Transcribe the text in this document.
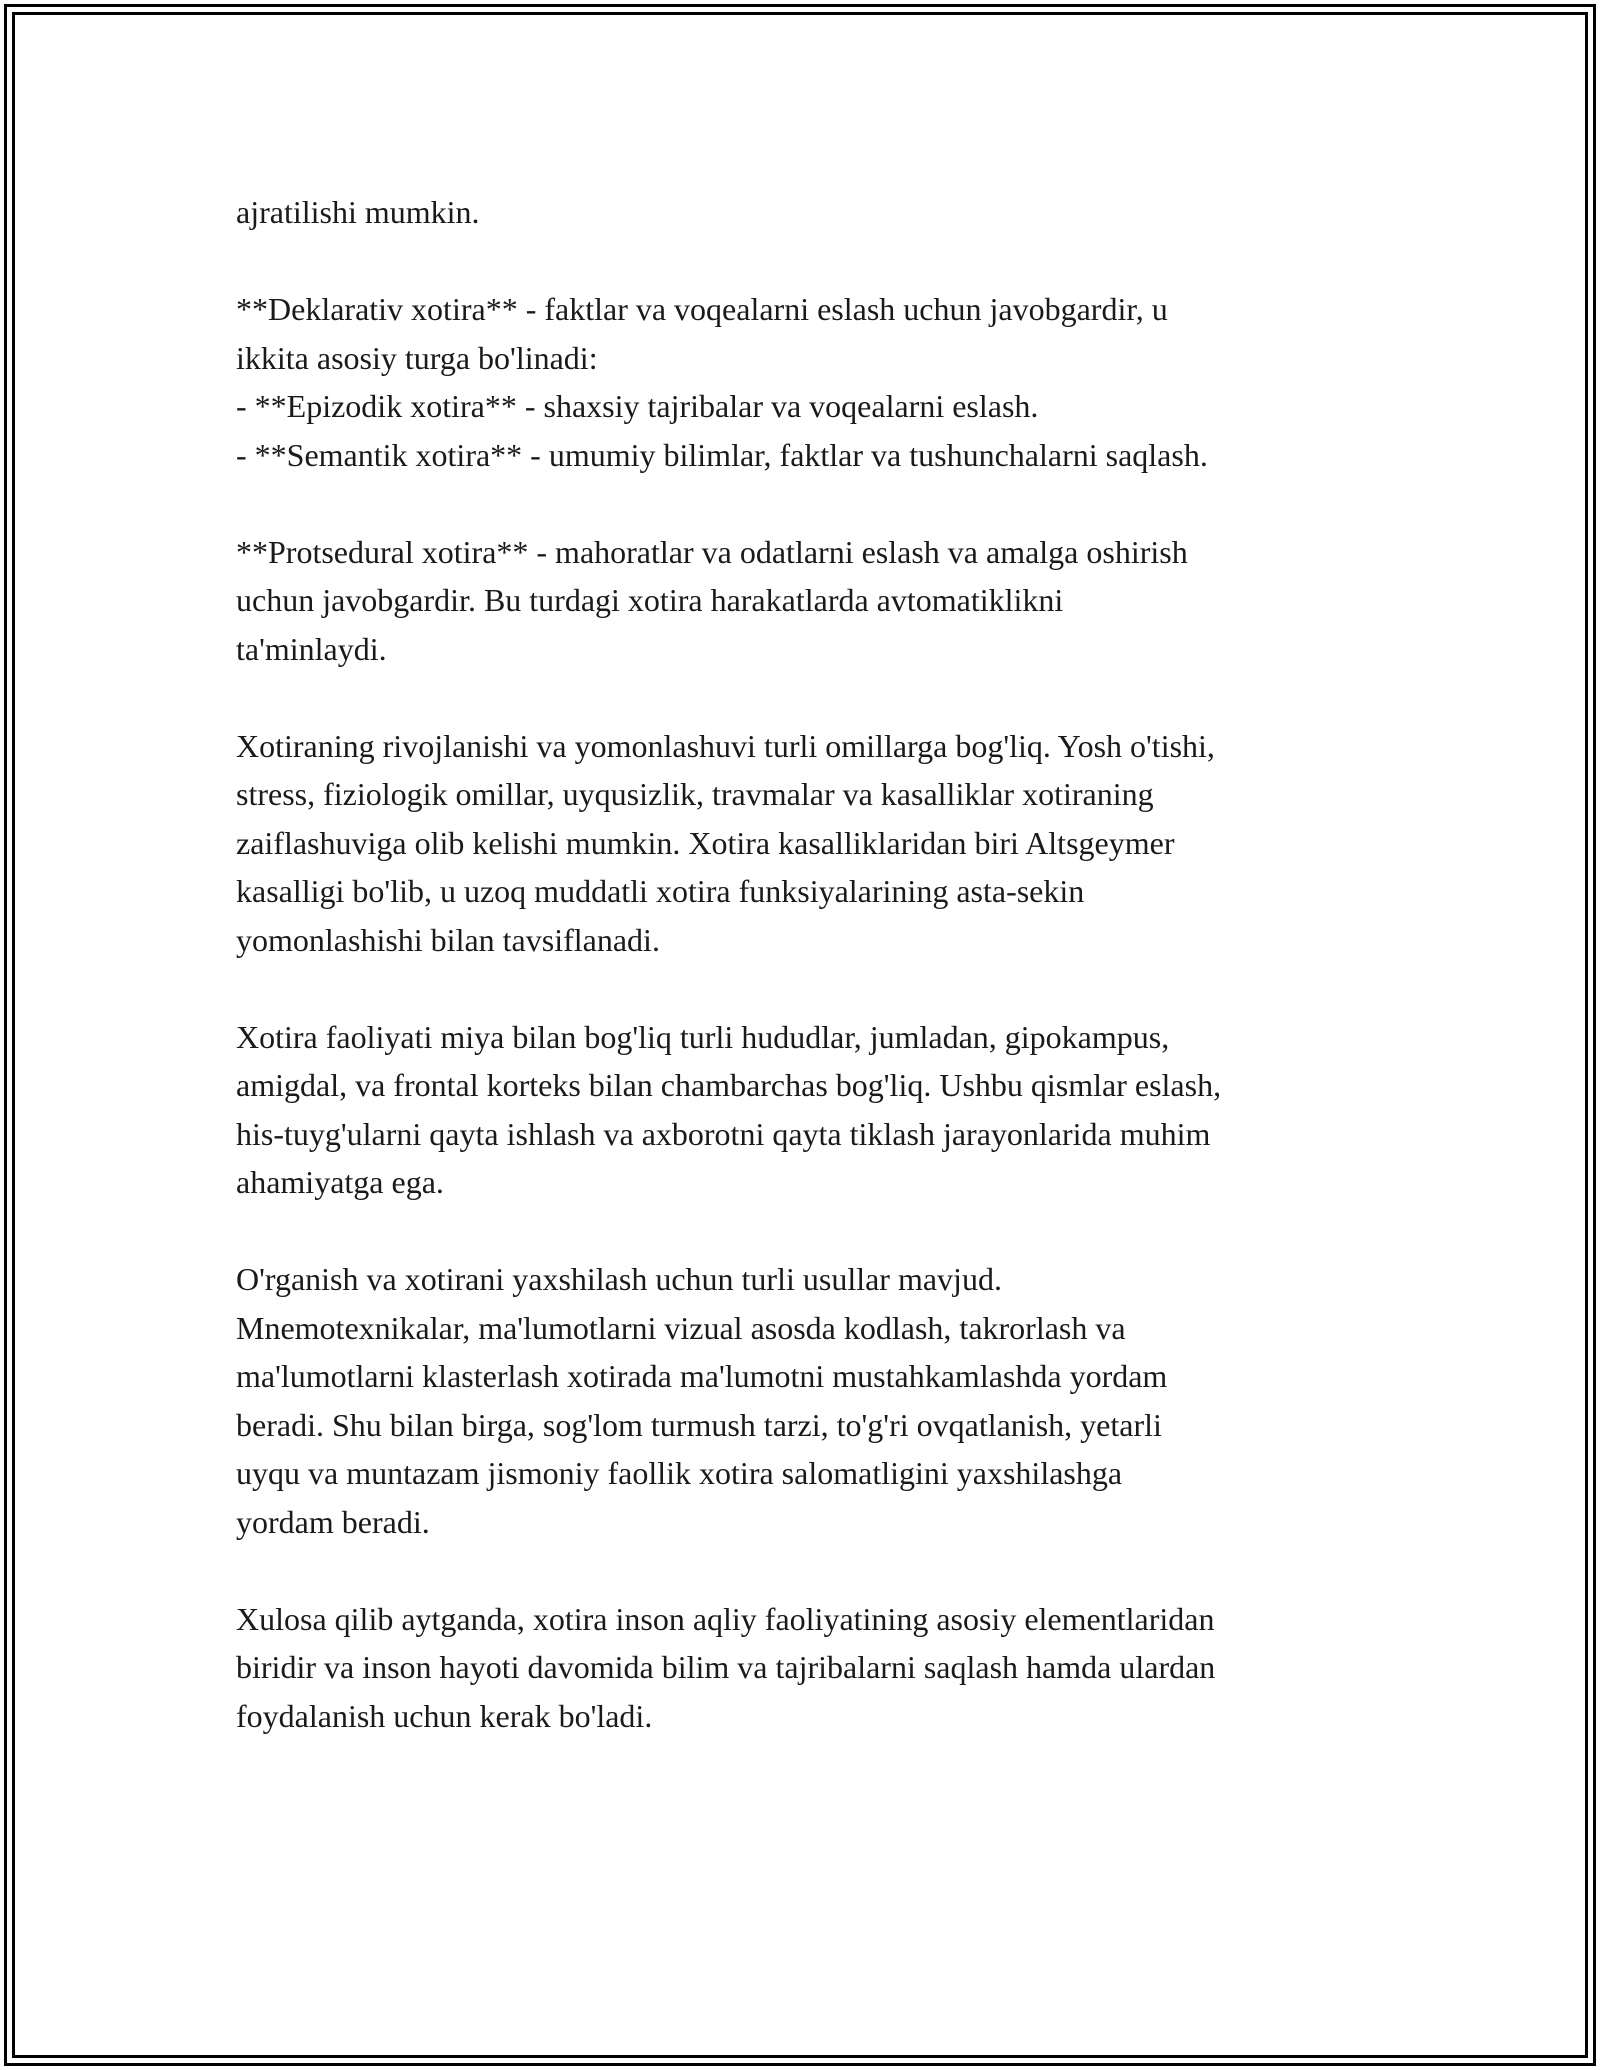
ajratilishi mumkin.
**Deklarativ xotira** - faktlar va voqealarni eslash uchun javobgardir, u
ikkita asosiy turga bo'linadi:
- **Epizodik xotira** - shaxsiy tajribalar va voqealarni eslash.
- **Semantik xotira** - umumiy bilimlar, faktlar va tushunchalarni saqlash.
**Protsedural xotira** - mahoratlar va odatlarni eslash va amalga oshirish
uchun javobgardir. Bu turdagi xotira harakatlarda avtomatiklikni
ta'minlaydi.
Xotiraning rivojlanishi va yomonlashuvi turli omillarga bog'liq. Yosh o'tishi,
stress, fiziologik omillar, uyqusizlik, travmalar va kasalliklar xotiraning
zaiflashuviga olib kelishi mumkin. Xotira kasalliklaridan biri Altsgeymer
kasalligi bo'lib, u uzoq muddatli xotira funksiyalarining asta-sekin
yomonlashishi bilan tavsiflanadi.
Xotira faoliyati miya bilan bog'liq turli hududlar, jumladan, gipokampus,
amigdal, va frontal korteks bilan chambarchas bog'liq. Ushbu qismlar eslash,
his-tuyg'ularni qayta ishlash va axborotni qayta tiklash jarayonlarida muhim
ahamiyatga ega.
O'rganish va xotirani yaxshilash uchun turli usullar mavjud.
Mnemotexnikalar, ma'lumotlarni vizual asosda kodlash, takrorlash va
ma'lumotlarni klasterlash xotirada ma'lumotni mustahkamlashda yordam
beradi. Shu bilan birga, sog'lom turmush tarzi, to'g'ri ovqatlanish, yetarli
uyqu va muntazam jismoniy faollik xotira salomatligini yaxshilashga
yordam beradi.
Xulosa qilib aytganda, xotira inson aqliy faoliyatining asosiy elementlaridan
biridir va inson hayoti davomida bilim va tajribalarni saqlash hamda ulardan
foydalanish uchun kerak bo'ladi.
